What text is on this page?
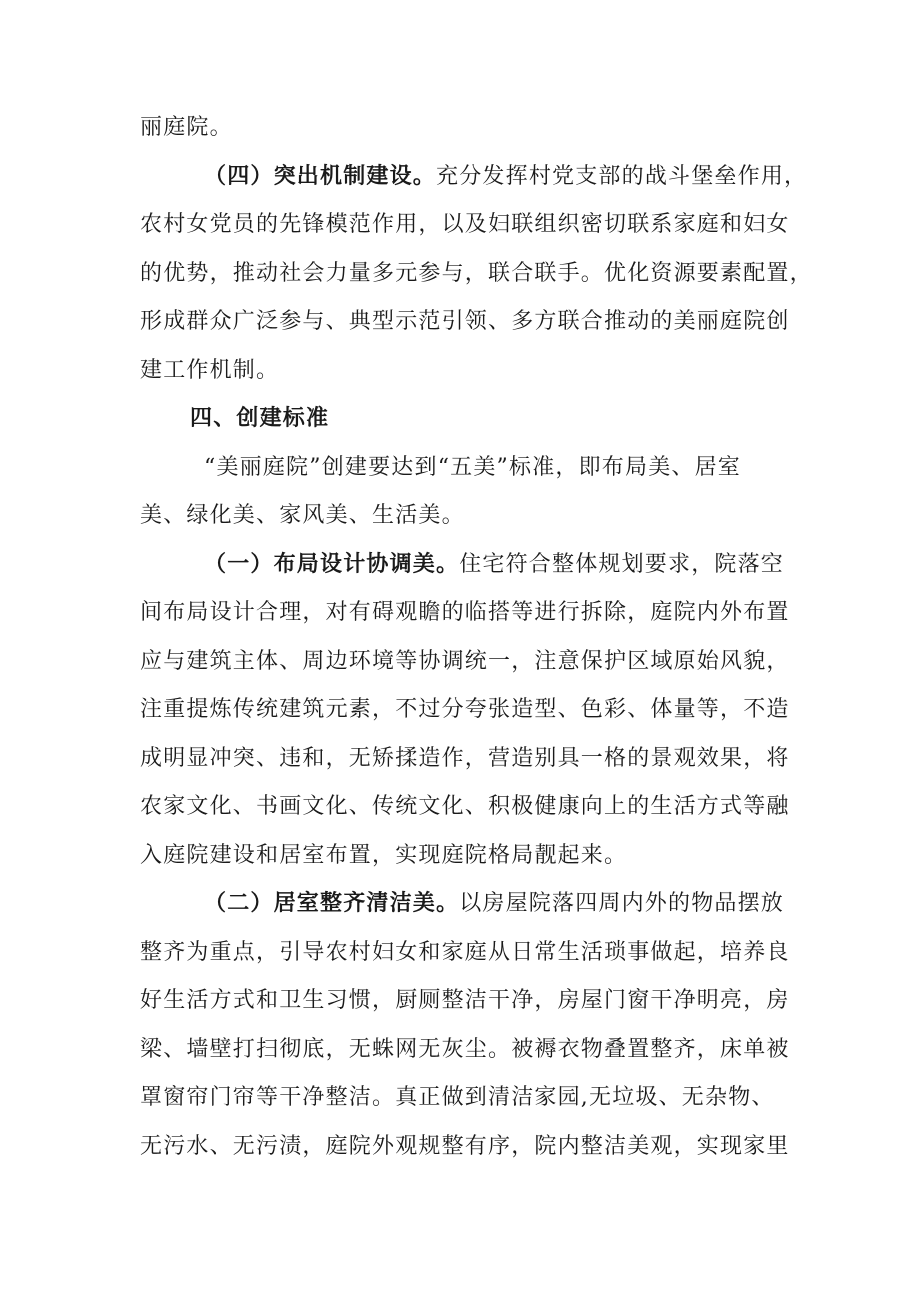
丽庭院。
（四）突出机制建设。充分发挥村党支部的战斗堡垒作用，
农村女党员的先锋模范作用，以及妇联组织密切联系家庭和妇女
的优势，推动社会力量多元参与，联合联手。优化资源要素配置，
形成群众广泛参与、典型示范引领、多方联合推动的美丽庭院创
建工作机制。
四、创建标准
“美丽庭院”创建要达到“五美”标准，即布局美、居室
美、绿化美、家风美、生活美。
（一）布局设计协调美。住宅符合整体规划要求，院落空
间布局设计合理，对有碍观瞻的临搭等进行拆除，庭院内外布置
应与建筑主体、周边环境等协调统一，注意保护区域原始风貌，
注重提炼传统建筑元素，不过分夸张造型、色彩、体量等，不造
成明显冲突、违和，无矫揉造作，营造别具一格的景观效果，将
农家文化、书画文化、传统文化、积极健康向上的生活方式等融
入庭院建设和居室布置，实现庭院格局靓起来。
（二）居室整齐清洁美。以房屋院落四周内外的物品摆放
整齐为重点，引导农村妇女和家庭从日常生活琐事做起，培养良
好生活方式和卫生习惯，厨厕整洁干净，房屋门窗干净明亮，房
梁、墙壁打扫彻底，无蛛网无灰尘。被褥衣物叠置整齐，床单被
罩窗帘门帘等干净整洁。真正做到清洁家园,无垃圾、无杂物、
无污水、无污渍，庭院外观规整有序，院内整洁美观，实现家里
